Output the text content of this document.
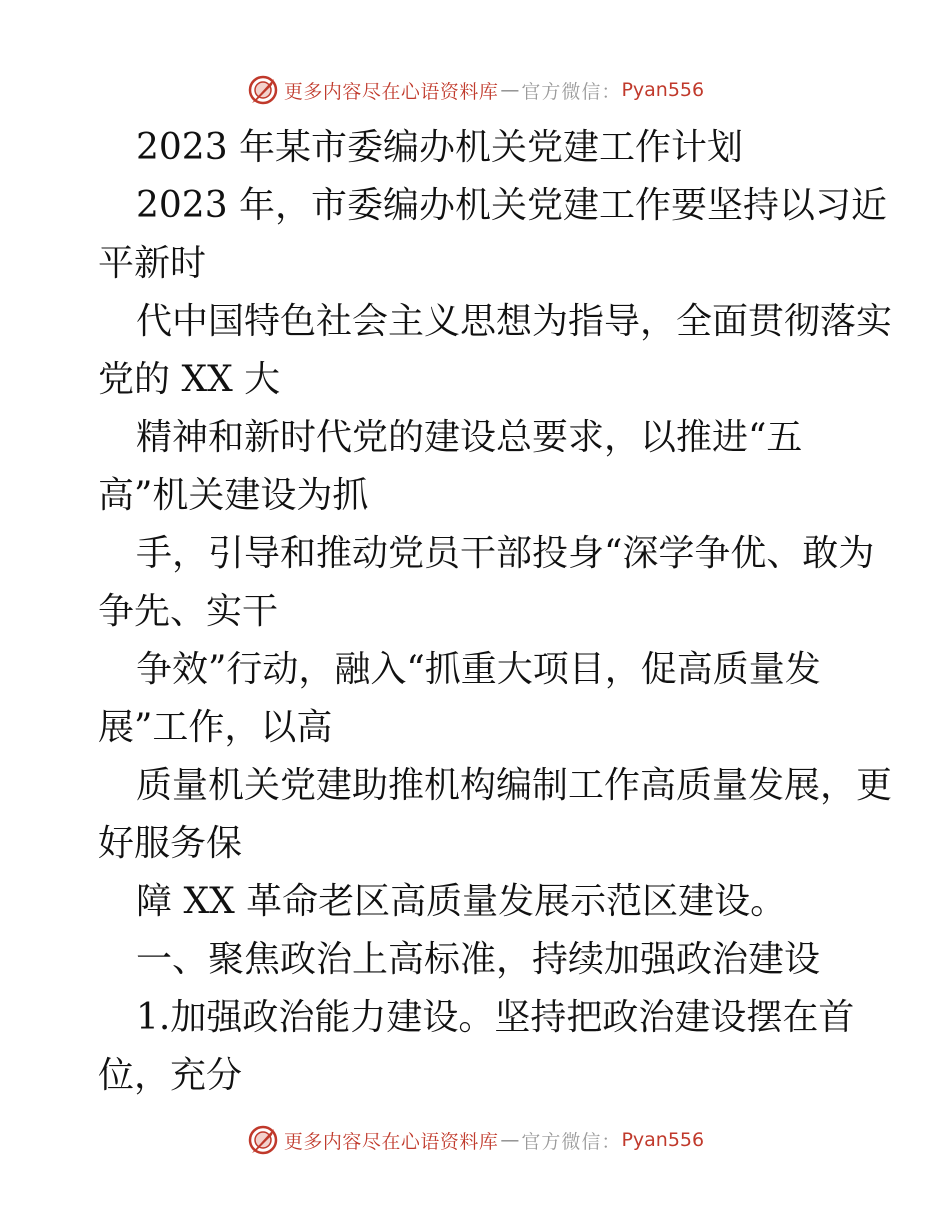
更多内容尽在心语资料库 — 官方微信： Pyan556
2023 年某市委编办机关党建工作计划
2023 年，市委编办机关党建工作要坚持以习近
平新时
代中国特色社会主义思想为指导，全面贯彻落实
党的 XX 大
精神和新时代党的建设总要求，以推进“五
高”机关建设为抓
手，引导和推动党员干部投身“深学争优、敢为
争先、实干
争效”行动，融入“抓重大项目，促高质量发
展”工作，以高
质量机关党建助推机构编制工作高质量发展，更
好服务保
障 XX 革命老区高质量发展示范区建设。
一、聚焦政治上高标准，持续加强政治建设
1.加强政治能力建设。坚持把政治建设摆在首
位，充分
更多内容尽在心语资料库 — 官方微信： Pyan556
